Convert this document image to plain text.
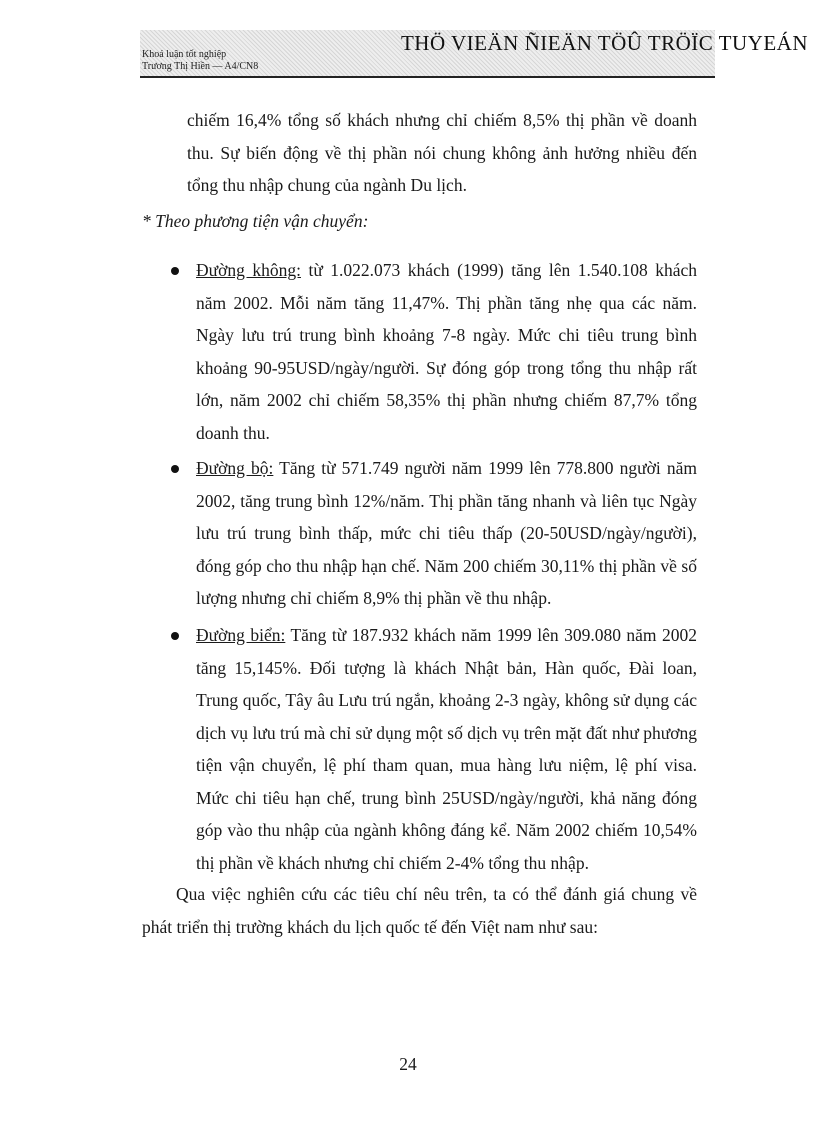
Khoá luận tốt nghiệp
Trương Thị Hiền — A4/CN8
THÖ VIEÄN ÑIEÄN TÖÛ TRÖÏC TUYEÁN

chiếm 16,4% tổng số khách nhưng chỉ chiếm 8,5% thị phần về doanh thu. Sự biến động về thị phần nói chung không ảnh hưởng nhiều đến tổng thu nhập chung của ngành Du lịch.

* Theo phương tiện vận chuyển:

Đường không: từ 1.022.073 khách (1999) tăng lên 1.540.108 khách năm 2002. Mỗi năm tăng 11,47%. Thị phần tăng nhẹ qua các năm. Ngày lưu trú trung bình khoảng 7-8 ngày. Mức chi tiêu trung bình khoảng 90-95USD/ngày/người. Sự đóng góp trong tổng thu nhập rất lớn, năm 2002 chỉ chiếm 58,35% thị phần nhưng chiếm 87,7% tổng doanh thu.

Đường bộ: Tăng từ 571.749 người năm 1999 lên 778.800 người năm 2002, tăng trung bình 12%/năm. Thị phần tăng nhanh và liên tục Ngày lưu trú trung bình thấp, mức chi tiêu thấp (20-50USD/ngày/người), đóng góp cho thu nhập hạn chế. Năm 200 chiếm 30,11% thị phần về số lượng nhưng chỉ chiếm 8,9% thị phần về thu nhập.

Đường biển: Tăng từ 187.932 khách năm 1999 lên 309.080 năm 2002 tăng 15,145%. Đối tượng là khách Nhật bản, Hàn quốc, Đài loan, Trung quốc, Tây âu Lưu trú ngắn, khoảng 2-3 ngày, không sử dụng các dịch vụ lưu trú mà chỉ sử dụng một số dịch vụ trên mặt đất như phương tiện vận chuyển, lệ phí tham quan, mua hàng lưu niệm, lệ phí visa. Mức chi tiêu hạn chế, trung bình 25USD/ngày/người, khả năng đóng góp vào thu nhập của ngành không đáng kể. Năm 2002 chiếm 10,54% thị phần về khách nhưng chỉ chiếm 2-4% tổng thu nhập.

Qua việc nghiên cứu các tiêu chí nêu trên, ta có thể đánh giá chung về phát triển thị trường khách du lịch quốc tế đến Việt nam như sau:

24
